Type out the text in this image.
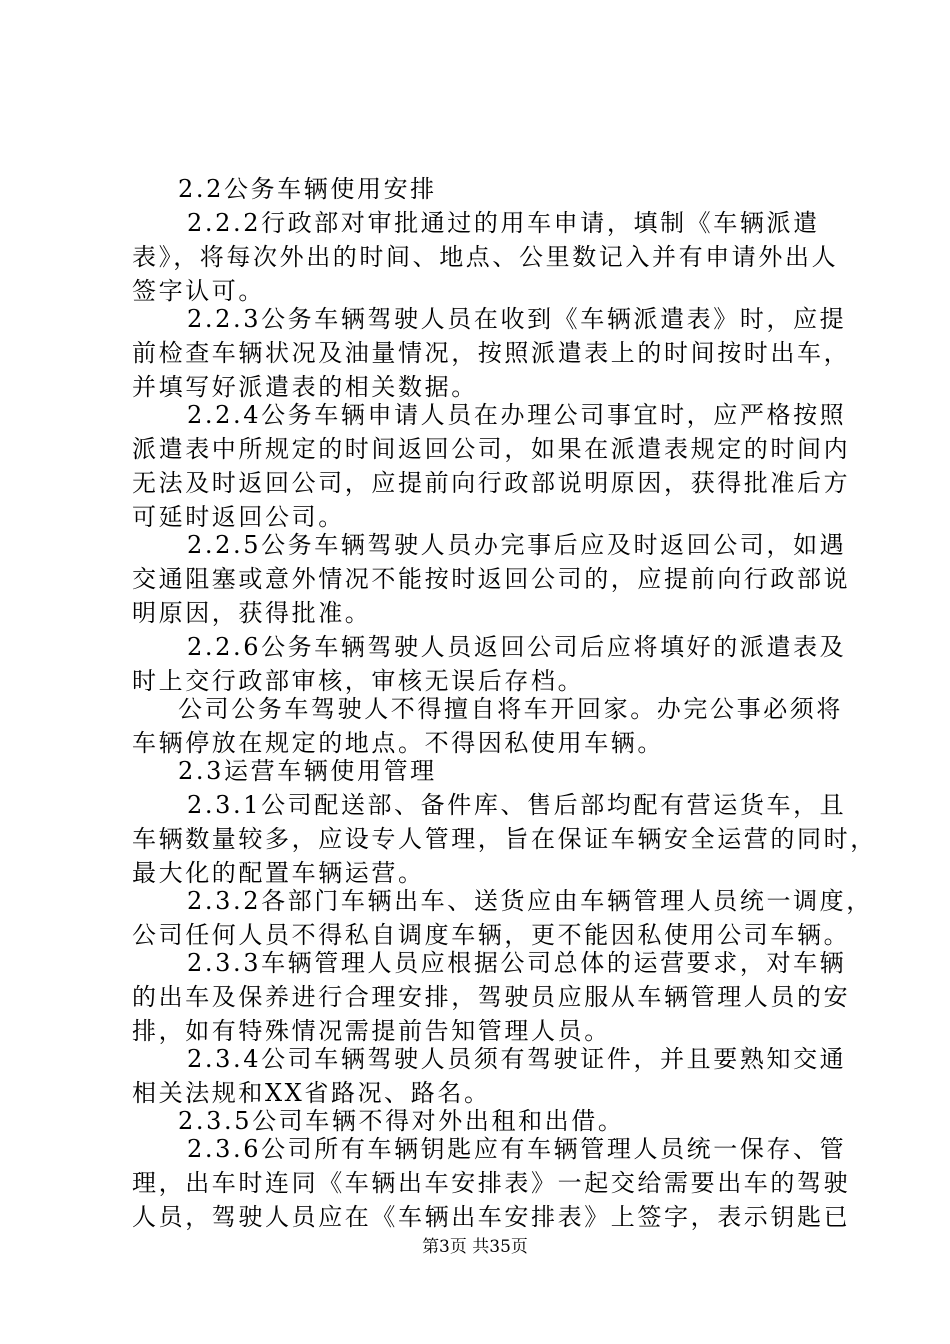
2.2公务车辆使用安排
2.2.2行政部对审批通过的用车申请，填制《车辆派遣
表》，将每次外出的时间、地点、公里数记入并有申请外出人
签字认可。
2.2.3公务车辆驾驶人员在收到《车辆派遣表》时，应提
前检查车辆状况及油量情况，按照派遣表上的时间按时出车，
并填写好派遣表的相关数据。
2.2.4公务车辆申请人员在办理公司事宜时，应严格按照
派遣表中所规定的时间返回公司，如果在派遣表规定的时间内
无法及时返回公司，应提前向行政部说明原因，获得批准后方
可延时返回公司。
2.2.5公务车辆驾驶人员办完事后应及时返回公司，如遇
交通阻塞或意外情况不能按时返回公司的，应提前向行政部说
明原因，获得批准。
2.2.6公务车辆驾驶人员返回公司后应将填好的派遣表及
时上交行政部审核，审核无误后存档。
公司公务车驾驶人不得擅自将车开回家。办完公事必须将
车辆停放在规定的地点。不得因私使用车辆。
2.3运营车辆使用管理
2.3.1公司配送部、备件库、售后部均配有营运货车，且
车辆数量较多，应设专人管理，旨在保证车辆安全运营的同时，
最大化的配置车辆运营。
2.3.2各部门车辆出车、送货应由车辆管理人员统一调度，
公司任何人员不得私自调度车辆，更不能因私使用公司车辆。
2.3.3车辆管理人员应根据公司总体的运营要求，对车辆
的出车及保养进行合理安排，驾驶员应服从车辆管理人员的安
排，如有特殊情况需提前告知管理人员。
2.3.4公司车辆驾驶人员须有驾驶证件，并且要熟知交通
相关法规和XX省路况、路名。
2.3.5公司车辆不得对外出租和出借。
2.3.6公司所有车辆钥匙应有车辆管理人员统一保存、管
理，出车时连同《车辆出车安排表》一起交给需要出车的驾驶
人员，驾驶人员应在《车辆出车安排表》上签字，表示钥匙已
第3页 共35页
